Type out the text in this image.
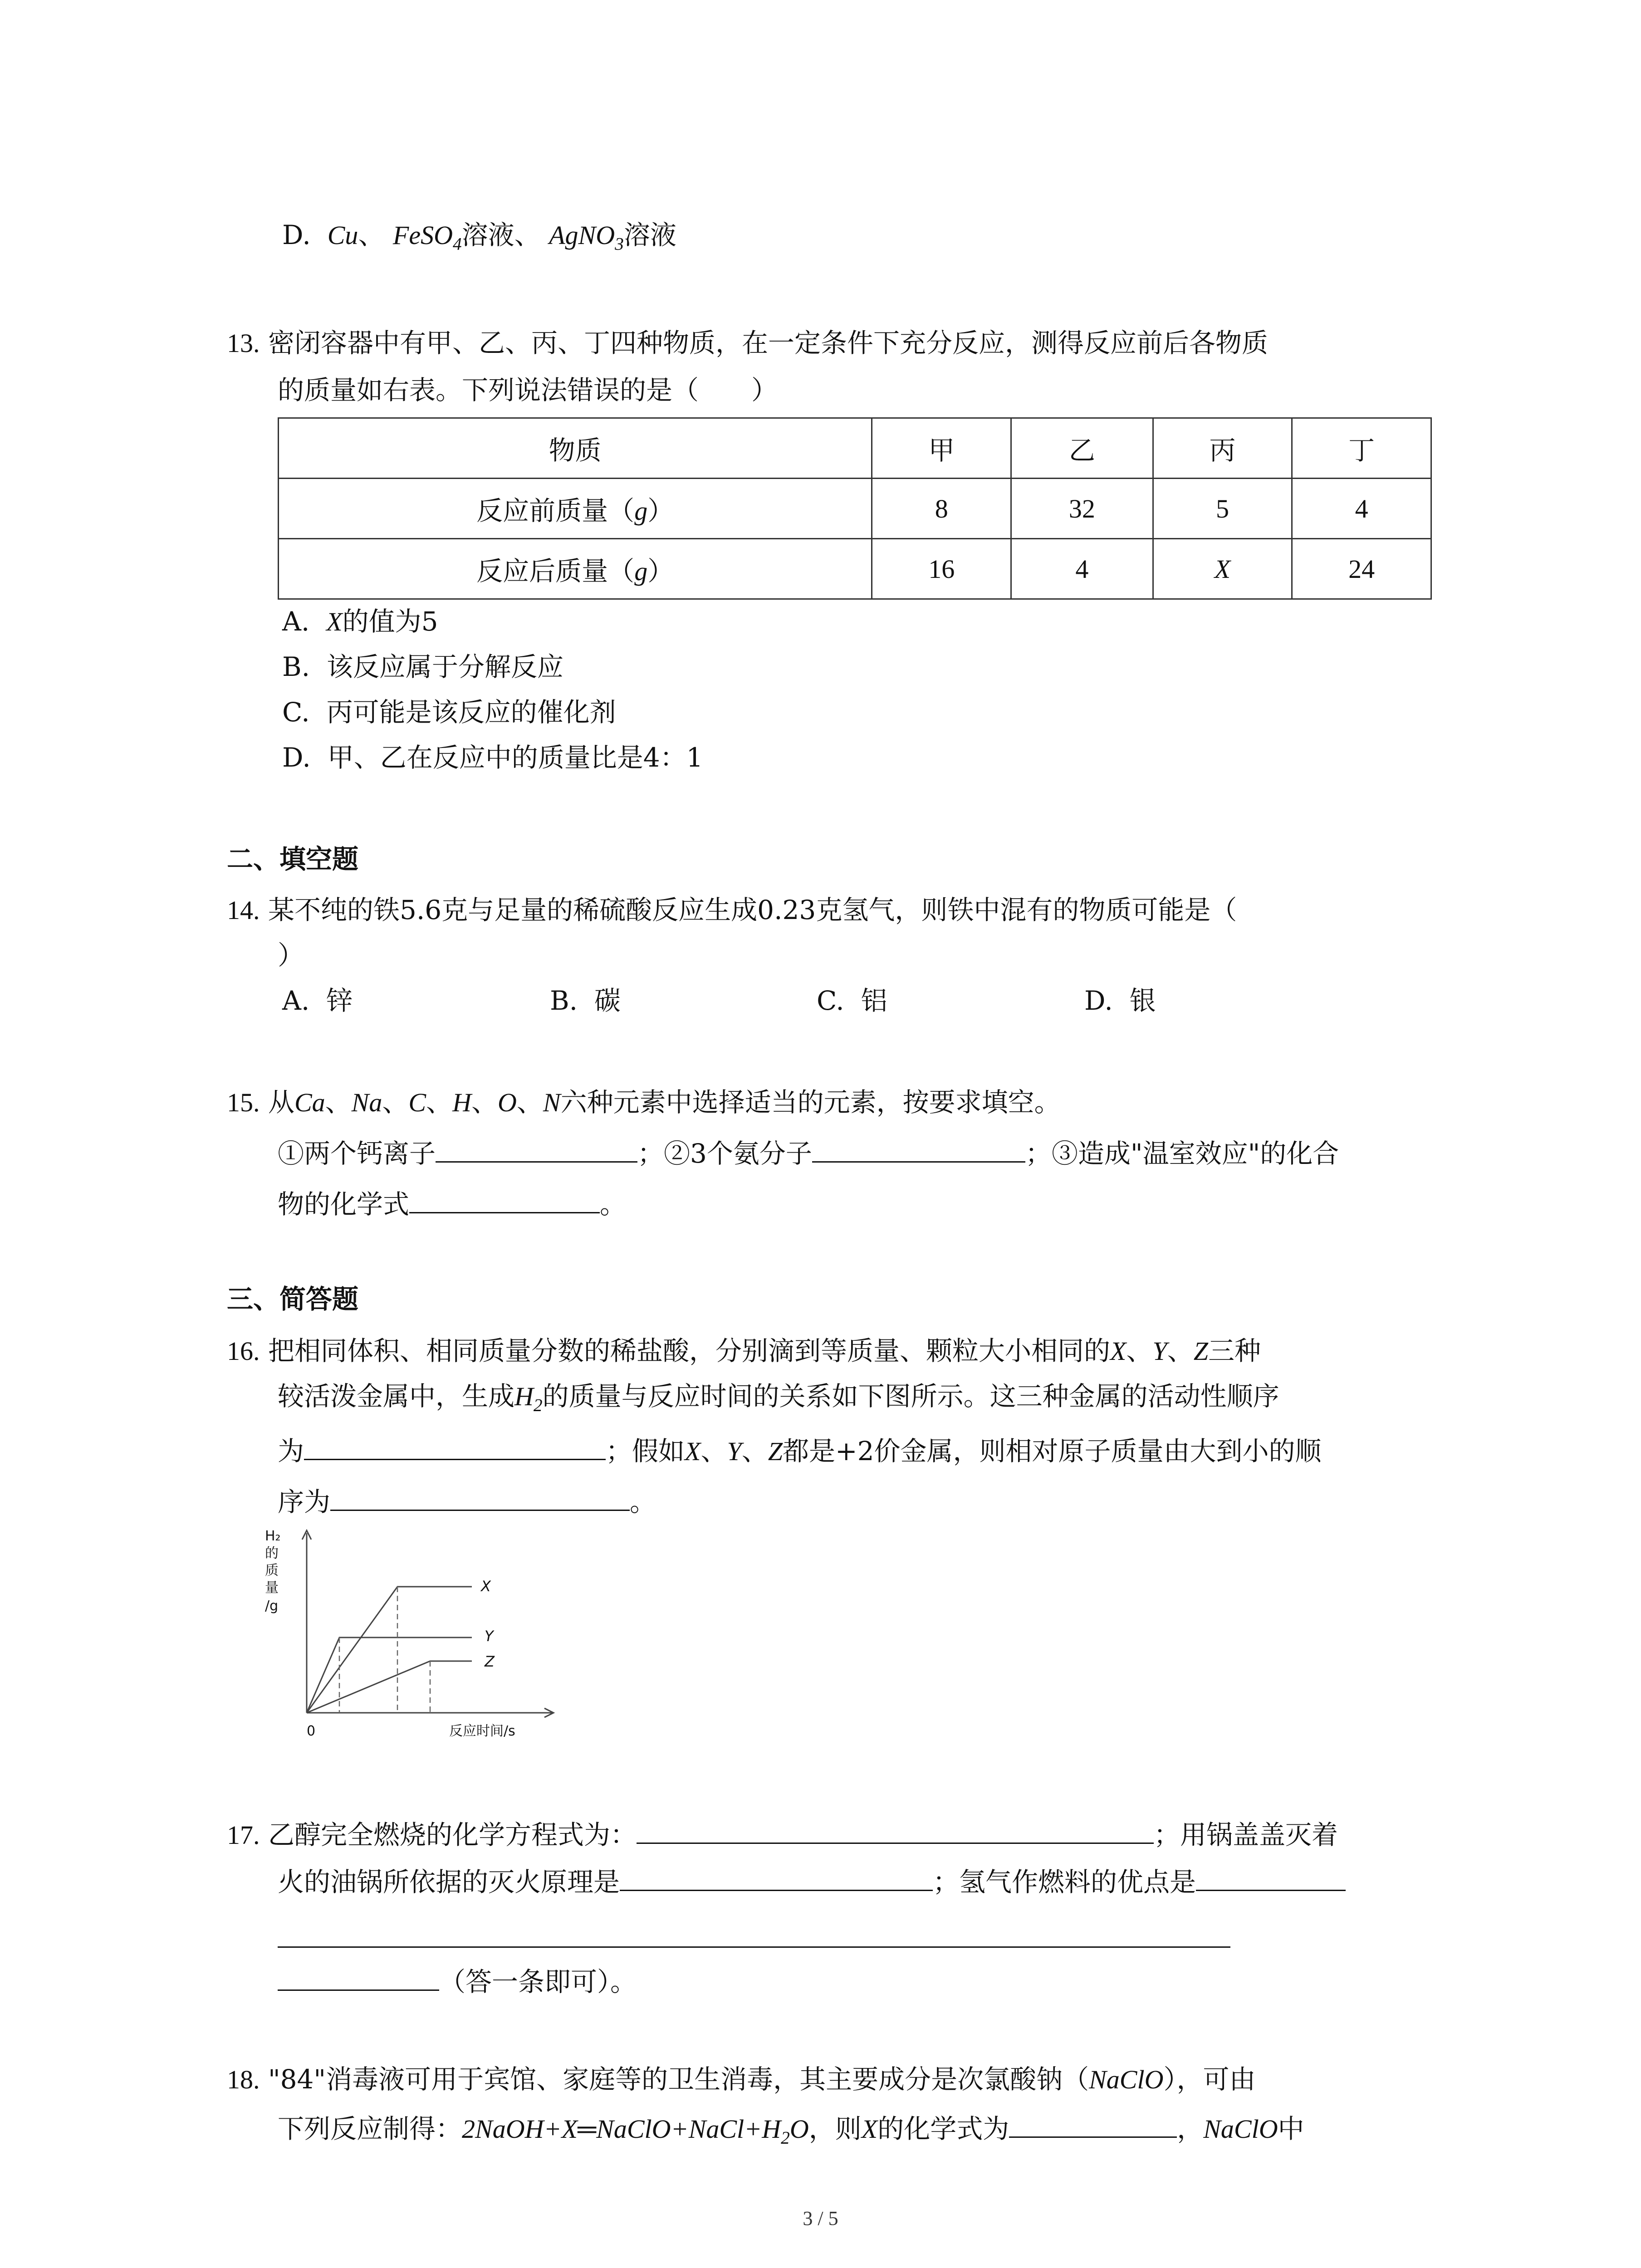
D. Cu、 FeSO$_4$溶液、 AgNO$_3$溶液
13. 密闭容器中有甲、乙、丙、丁四种物质，在一定条件下充分反应，测得反应前后各物质
的质量如右表。下列说法错误的是（　　）
物质	甲	乙	丙	丁
反应前质量（g）	8	32	5	4
反应后质量（g）	16	4	X	24
A. X的值为5
B. 该反应属于分解反应
C. 丙可能是该反应的催化剂
D. 甲、乙在反应中的质量比是4：1
二、填空题
14. 某不纯的铁5.6克与足量的稀硫酸反应生成0.23克氢气，则铁中混有的物质可能是（
）
A. 锌	B. 碳	C. 铝	D. 银
15. 从Ca、Na、C、H、O、N六种元素中选择适当的元素，按要求填空。
①两个钙离子	；②3个氨分子	；③造成"温室效应"的化合
物的化学式	。
三、简答题
16. 把相同体积、相同质量分数的稀盐酸，分别滴到等质量、颗粒大小相同的X、Y、Z三种
较活泼金属中，生成$H_2$的质量与反应时间的关系如下图所示。这三种金属的活动性顺序
为	；假如X、Y、Z都是+2价金属，则相对原子质量由大到小的顺
序为	。
H₂
的
质
量
/g
0	反应时间/s
X
Y
Z
17. 乙醇完全燃烧的化学方程式为：	；用锅盖盖灭着
火的油锅所依据的灭火原理是	；氢气作燃料的优点是
（答一条即可）。
18. "84"消毒液可用于宾馆、家庭等的卫生消毒，其主要成分是次氯酸钠（NaClO），可由
下列反应制得：$2NaOH+X═NaClO+NaCl+H_2O$，则X的化学式为	，NaClO中
3 / 5
